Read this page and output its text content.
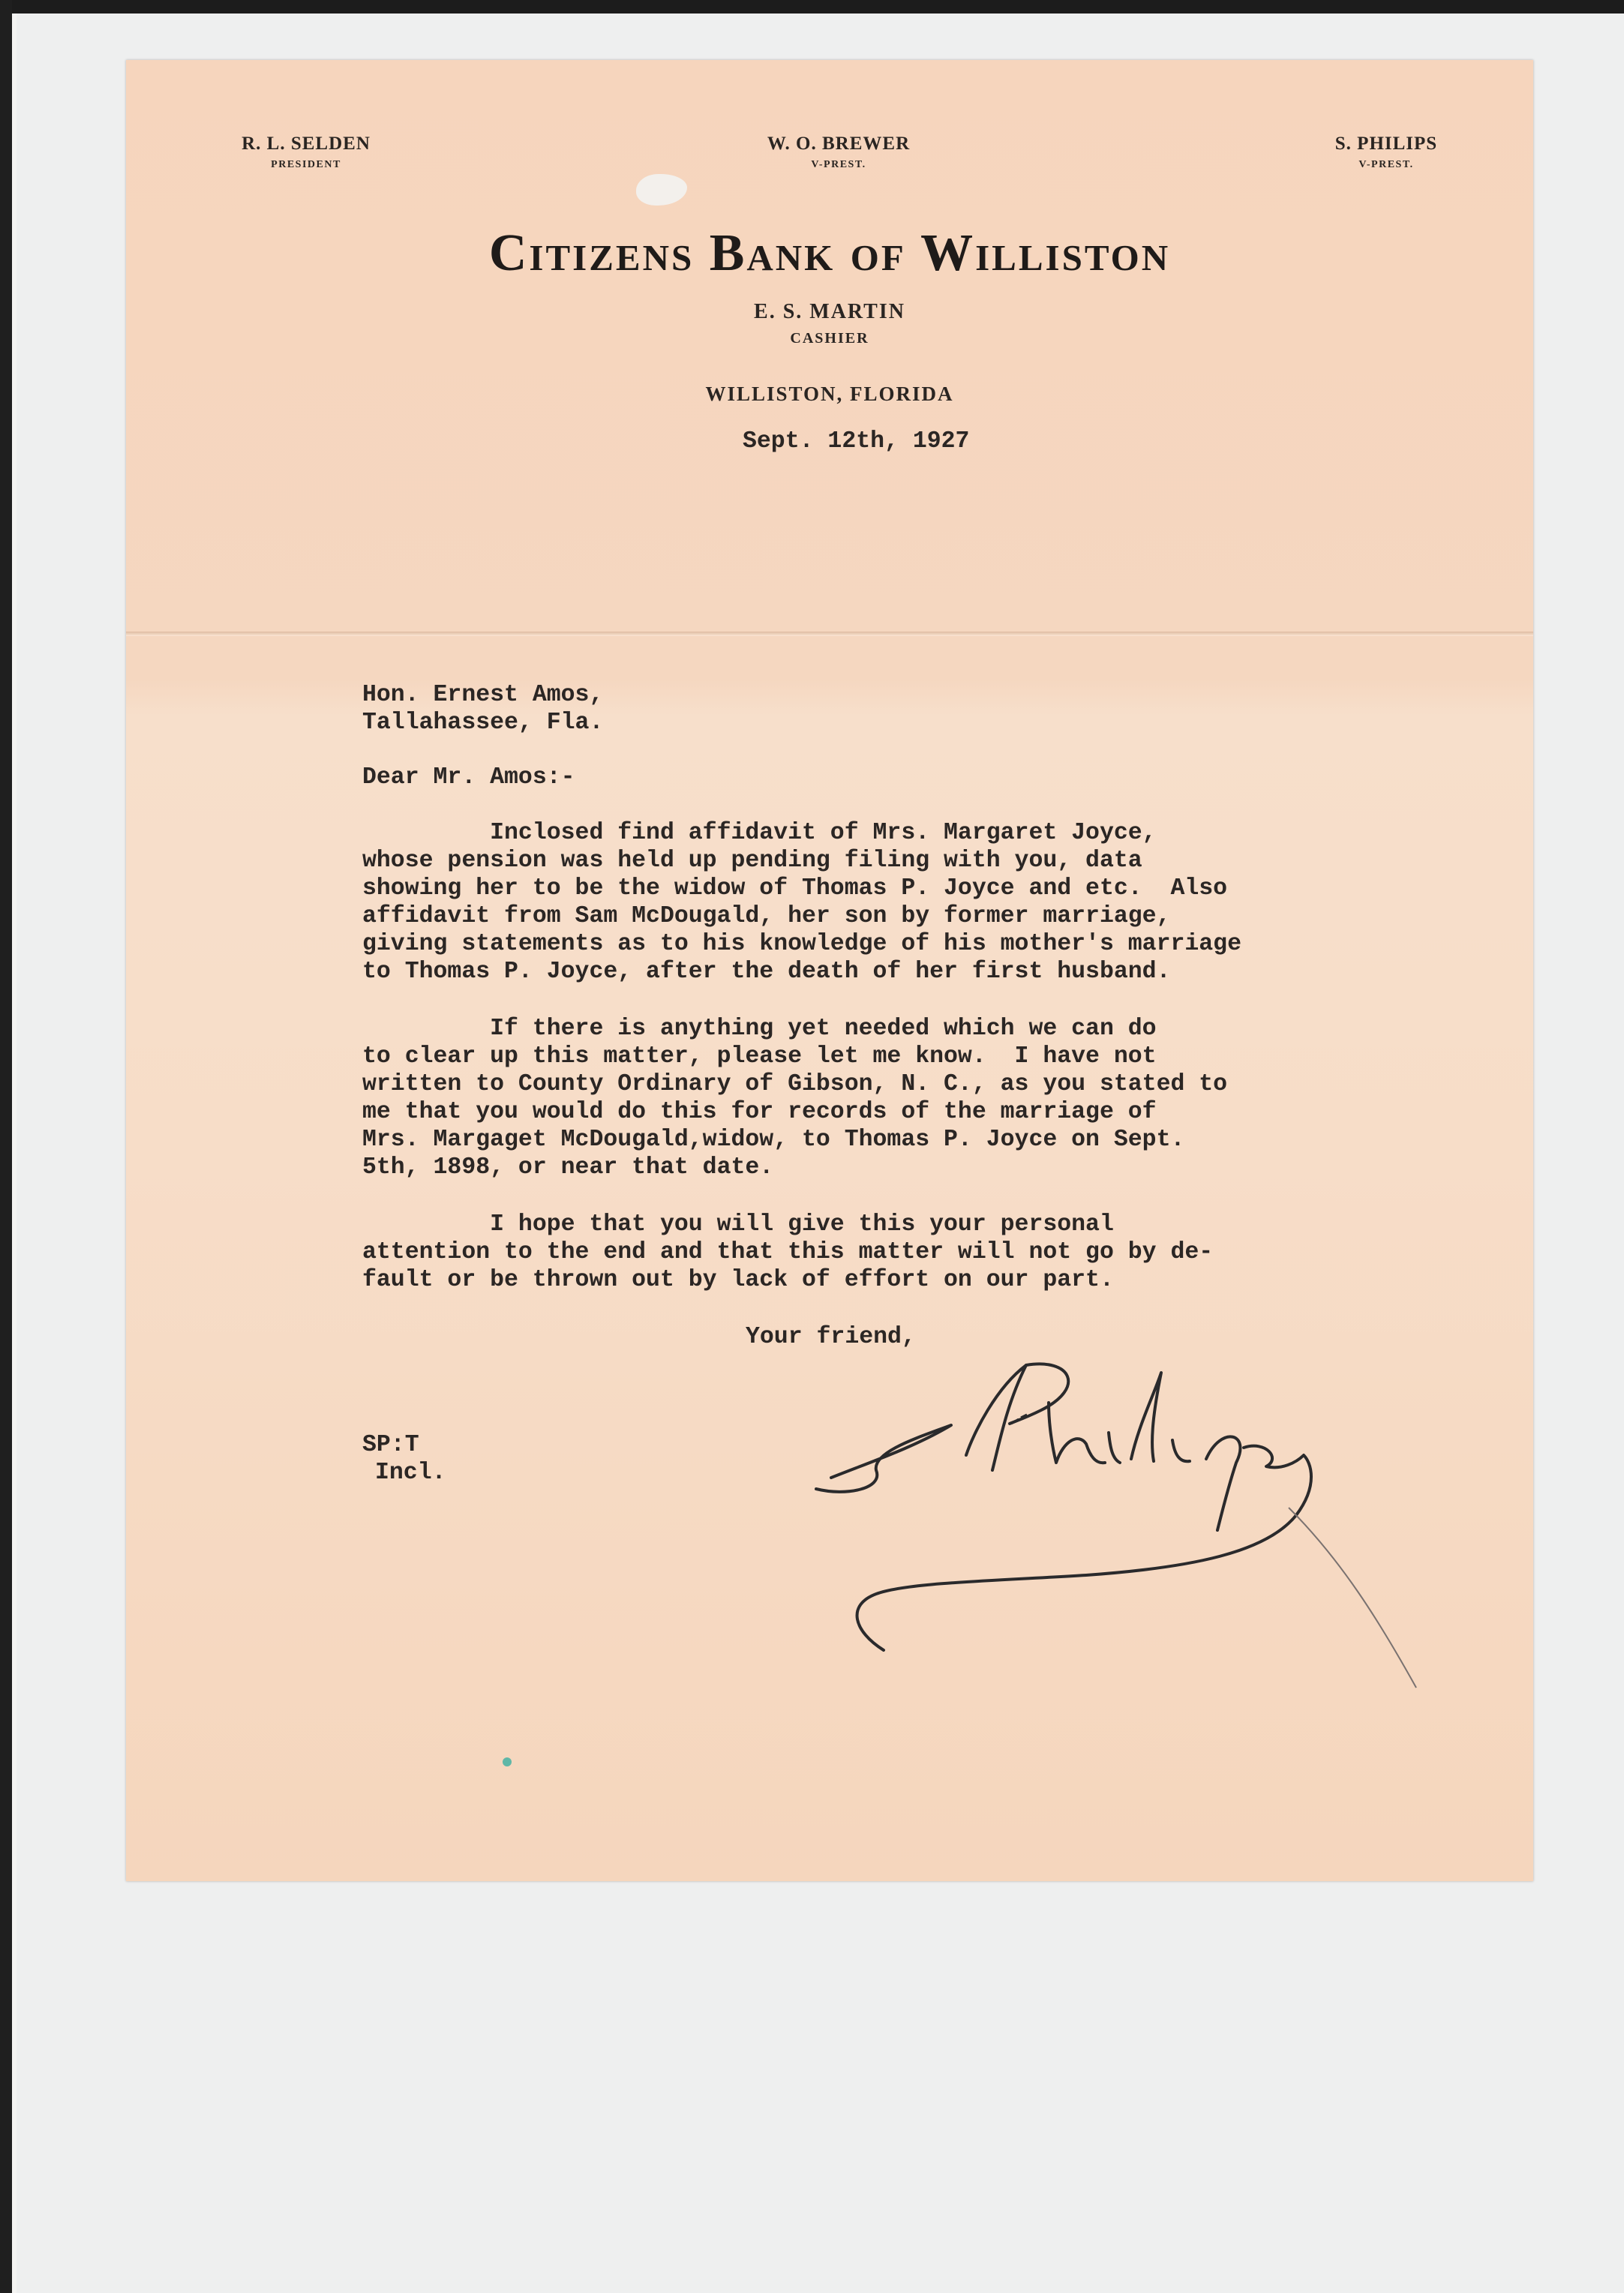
R. L. SELDEN
PRESIDENT
W. O. BREWER
V-PREST.
S. PHILIPS
V-PREST.
Citizens Bank of Williston
E. S. MARTIN
CASHIER
WILLISTON, FLORIDA
Sept. 12th, 1927
Hon. Ernest Amos,
Tallahassee, Fla.
Dear Mr. Amos:-
Inclosed find affidavit of Mrs. Margaret Joyce,
whose pension was held up pending filing with you, data
showing her to be the widow of Thomas P. Joyce and etc.  Also
affidavit from Sam McDougald, her son by former marriage,
giving statements as to his knowledge of his mother's marriage
to Thomas P. Joyce, after the death of her first husband.
If there is anything yet needed which we can do
to clear up this matter, please let me know.  I have not
written to County Ordinary of Gibson, N. C., as you stated to
me that you would do this for records of the marriage of
Mrs. Margaget McDougald,widow, to Thomas P. Joyce on Sept.
5th, 1898, or near that date.
I hope that you will give this your personal
attention to the end and that this matter will not go by de-
fault or be thrown out by lack of effort on our part.
Your friend,
SP:T
Incl.
